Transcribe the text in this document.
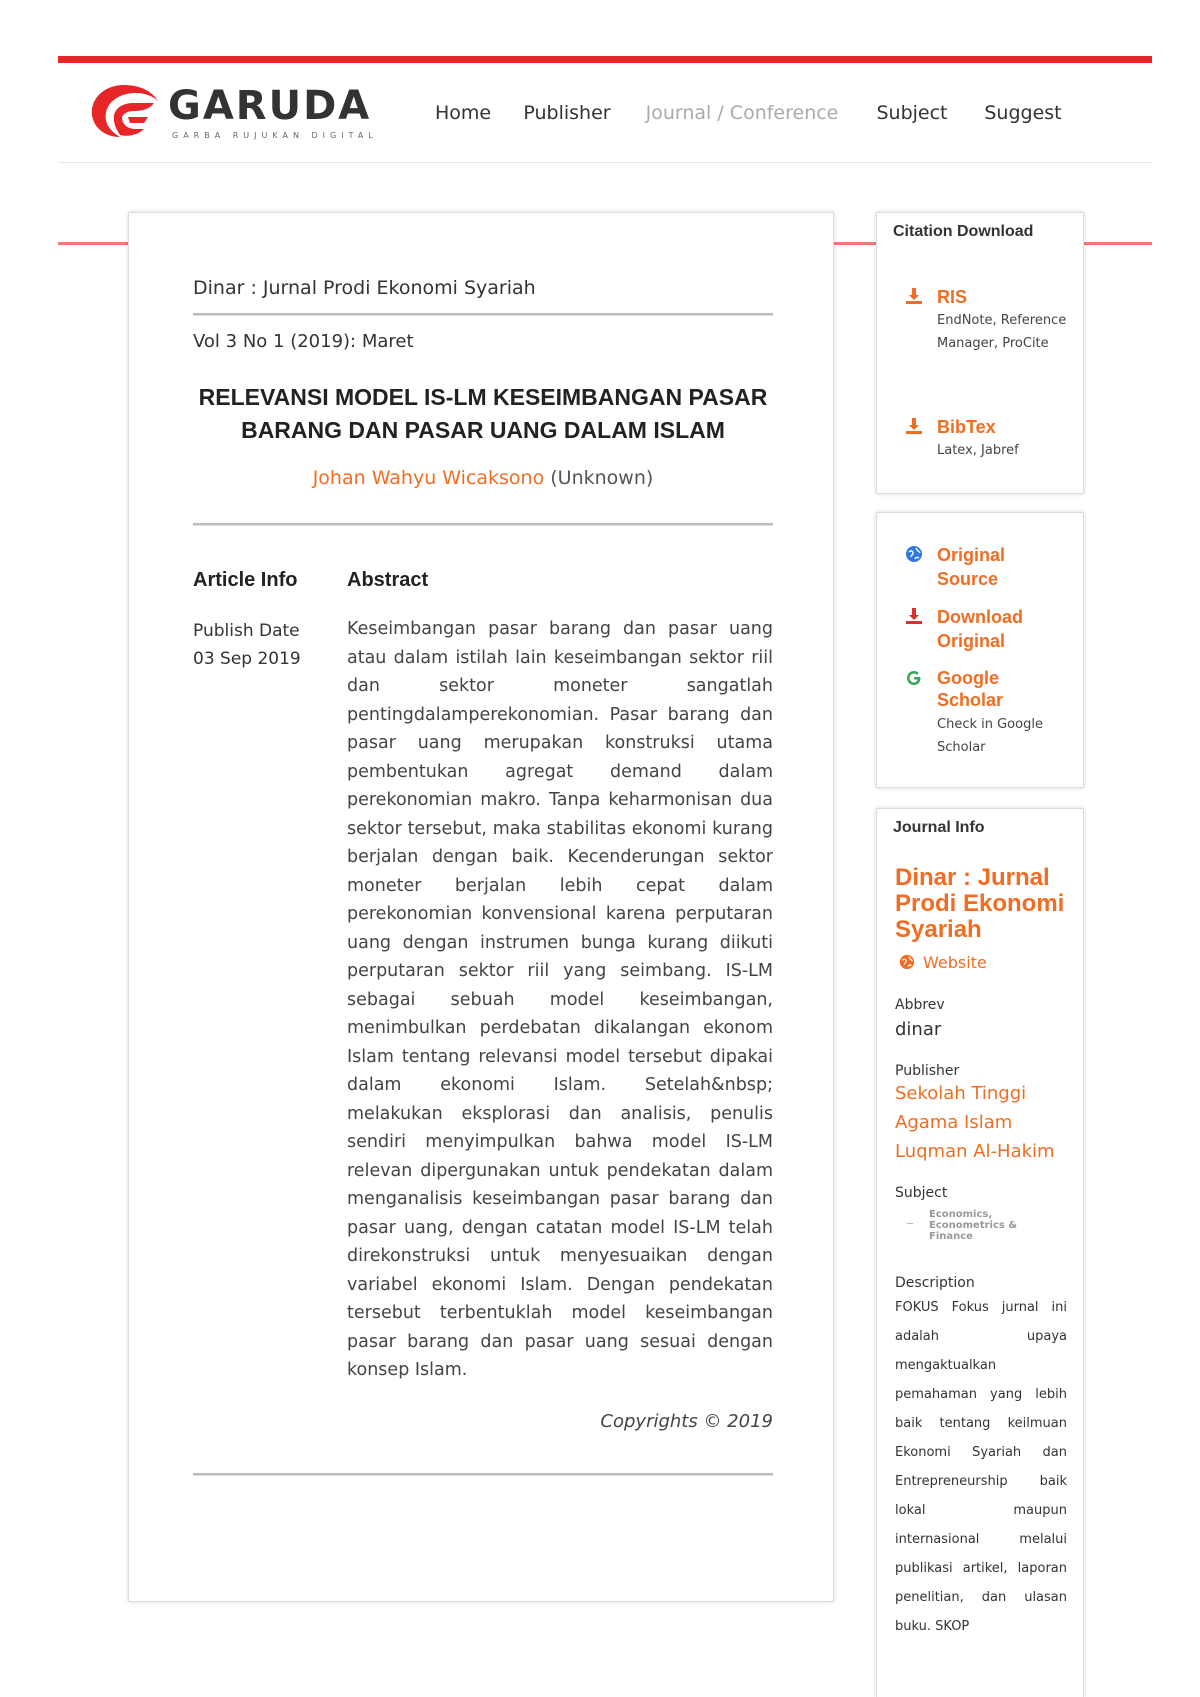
GARUDA
GARBA RUJUKAN DIGITAL
Home	Publisher	Journal / Conference	Subject	Suggest
Dinar : Jurnal Prodi Ekonomi Syariah
Vol 3 No 1 (2019): Maret
RELEVANSI MODEL IS-LM KESEIMBANGAN PASAR BARANG DAN PASAR UANG DALAM ISLAM
Johan Wahyu Wicaksono (Unknown)
Article Info Abstract
Publish Date
03 Sep 2019
Keseimbangan pasar barang dan pasar uang atau dalam istilah lain keseimbangan sektor riil dan sektor moneter sangatlah pentingdalamperekonomian. Pasar barang dan pasar uang merupakan konstruksi utama pembentukan agregat demand dalam perekonomian makro. Tanpa keharmonisan dua sektor tersebut, maka stabilitas ekonomi kurang berjalan dengan baik. Kecenderungan sektor moneter berjalan lebih cepat dalam perekonomian konvensional karena perputaran uang dengan instrumen bunga kurang diikuti perputaran sektor riil yang seimbang. IS-LM sebagai sebuah model keseimbangan, menimbulkan perdebatan dikalangan ekonom Islam tentang relevansi model tersebut dipakai dalam ekonomi Islam. Setelah&nbsp; melakukan eksplorasi dan analisis, penulis sendiri menyimpulkan bahwa model IS-LM relevan dipergunakan untuk pendekatan dalam menganalisis keseimbangan pasar barang dan pasar uang, dengan catatan model IS-LM telah direkonstruksi untuk menyesuaikan dengan variabel ekonomi Islam. Dengan pendekatan tersebut terbentuklah model keseimbangan pasar barang dan pasar uang sesuai dengan konsep Islam.
Copyrights © 2019
Citation Download
RIS
EndNote, Reference Manager, ProCite
BibTex
Latex, Jabref
Original Source
Download Original
Google Scholar
Check in Google Scholar
Journal Info
Dinar : Jurnal Prodi Ekonomi Syariah
Website
Abbrev
dinar
Publisher
Sekolah Tinggi Agama Islam Luqman Al-Hakim
Subject
Economics, Econometrics & Finance
Description
FOKUS Fokus jurnal ini adalah upaya mengaktualkan pemahaman yang lebih baik tentang keilmuan Ekonomi Syariah dan Entrepreneurship baik lokal maupun internasional melalui publikasi artikel, laporan penelitian, dan ulasan buku. SKOP
